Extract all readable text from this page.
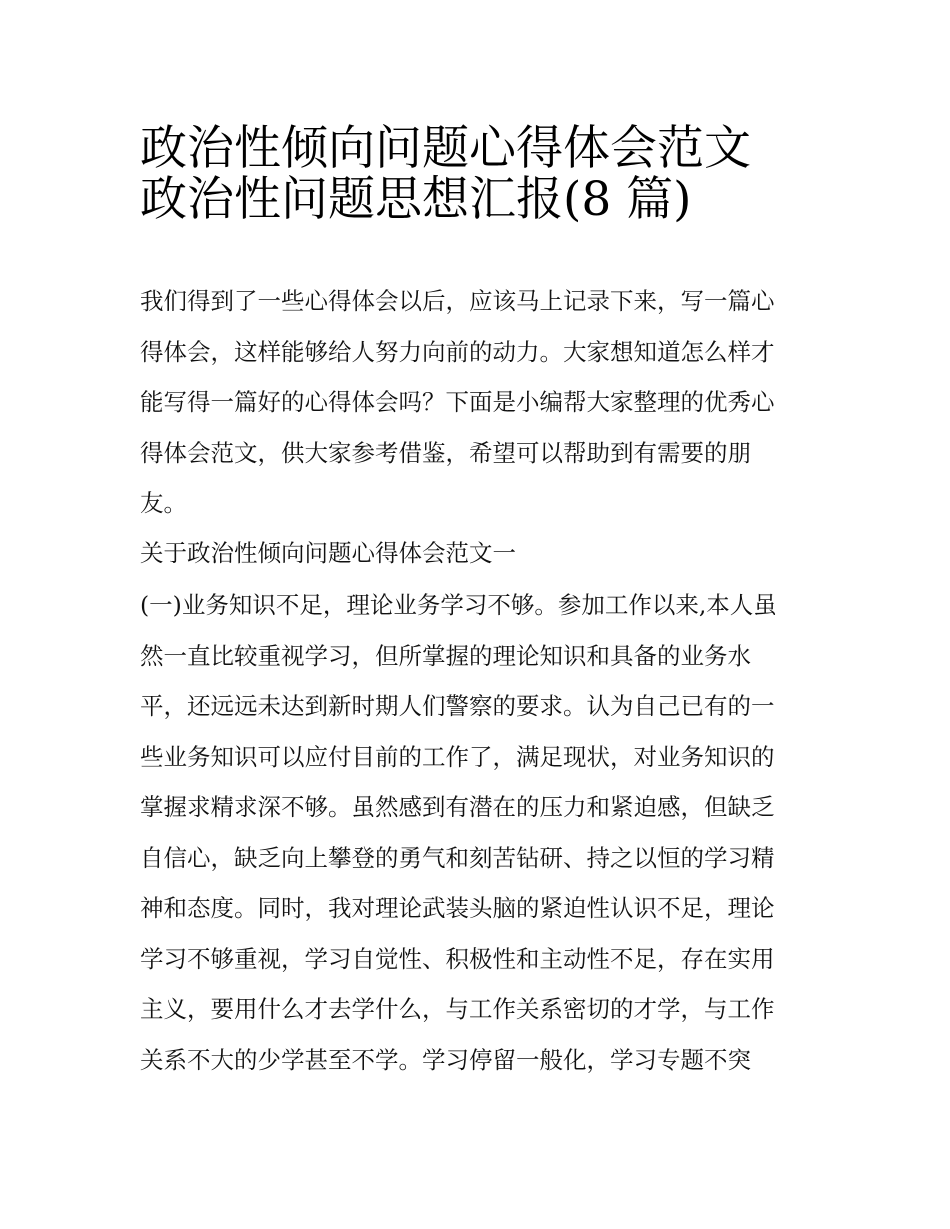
政治性倾向问题心得体会范文
政治性问题思想汇报(8 篇)
我们得到了一些心得体会以后，应该马上记录下来，写一篇心
得体会，这样能够给人努力向前的动力。大家想知道怎么样才
能写得一篇好的心得体会吗？下面是小编帮大家整理的优秀心
得体会范文，供大家参考借鉴，希望可以帮助到有需要的朋
友。
关于政治性倾向问题心得体会范文一
(一)业务知识不足，理论业务学习不够。参加工作以来,本人虽
然一直比较重视学习，但所掌握的理论知识和具备的业务水
平，还远远未达到新时期人们警察的要求。认为自己已有的一
些业务知识可以应付目前的工作了，满足现状，对业务知识的
掌握求精求深不够。虽然感到有潜在的压力和紧迫感，但缺乏
自信心，缺乏向上攀登的勇气和刻苦钻研、持之以恒的学习精
神和态度。同时，我对理论武装头脑的紧迫性认识不足，理论
学习不够重视，学习自觉性、积极性和主动性不足，存在实用
主义，要用什么才去学什么，与工作关系密切的才学，与工作
关系不大的少学甚至不学。学习停留一般化，学习专题不突
